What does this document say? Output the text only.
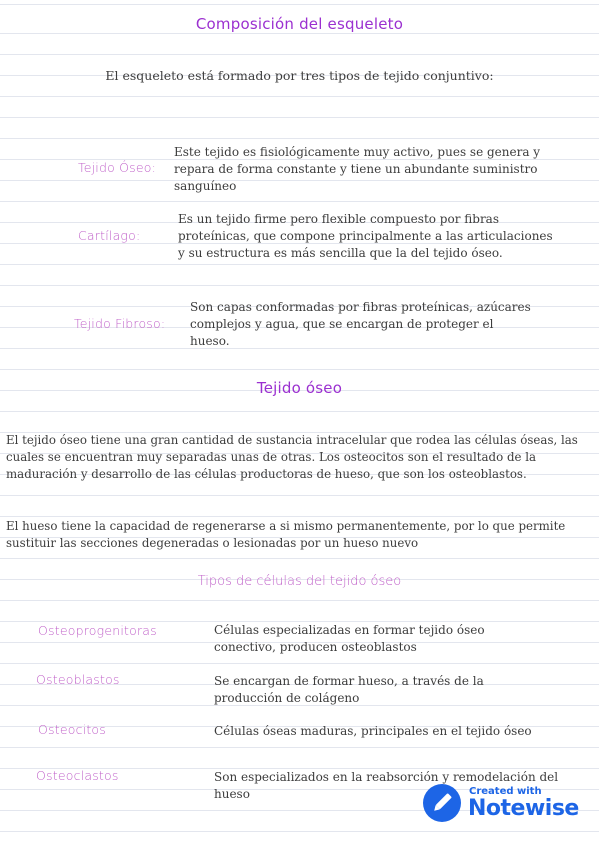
Composición del esqueleto
El esqueleto está formado por tres tipos de tejido conjuntivo:
Tejido Óseo:
Este tejido es fisiológicamente muy activo, pues se genera y repara de forma constante y tiene un abundante suministro sanguíneo
Cartílago:
Es un tejido firme pero flexible compuesto por fibras proteínicas, que compone principalmente a las articulaciones y su estructura es más sencilla que la del tejido óseo.
Tejido Fibroso:
Son capas conformadas por fibras proteínicas, azúcares complejos y agua, que se encargan de proteger el hueso.
Tejido óseo
El tejido óseo tiene una gran cantidad de sustancia intracelular que rodea las células óseas, las cuales se encuentran muy separadas unas de otras. Los osteocitos son el resultado de la maduración y desarrollo de las células productoras de hueso, que son los osteoblastos.
El hueso tiene la capacidad de regenerarse a si mismo permanentemente, por lo que permite sustituir las secciones degeneradas o lesionadas por un hueso nuevo
Tipos de células del tejido óseo
Osteoprogenitoras	Células especializadas en formar tejido óseo conectivo, producen osteoblastos
Osteoblastos	Se encargan de formar hueso, a través de la producción de colágeno
Osteocitos	Células óseas maduras, principales en el tejido óseo
Osteoclastos	Son especializados en la reabsorción y remodelación del hueso	Created with
Notewise
